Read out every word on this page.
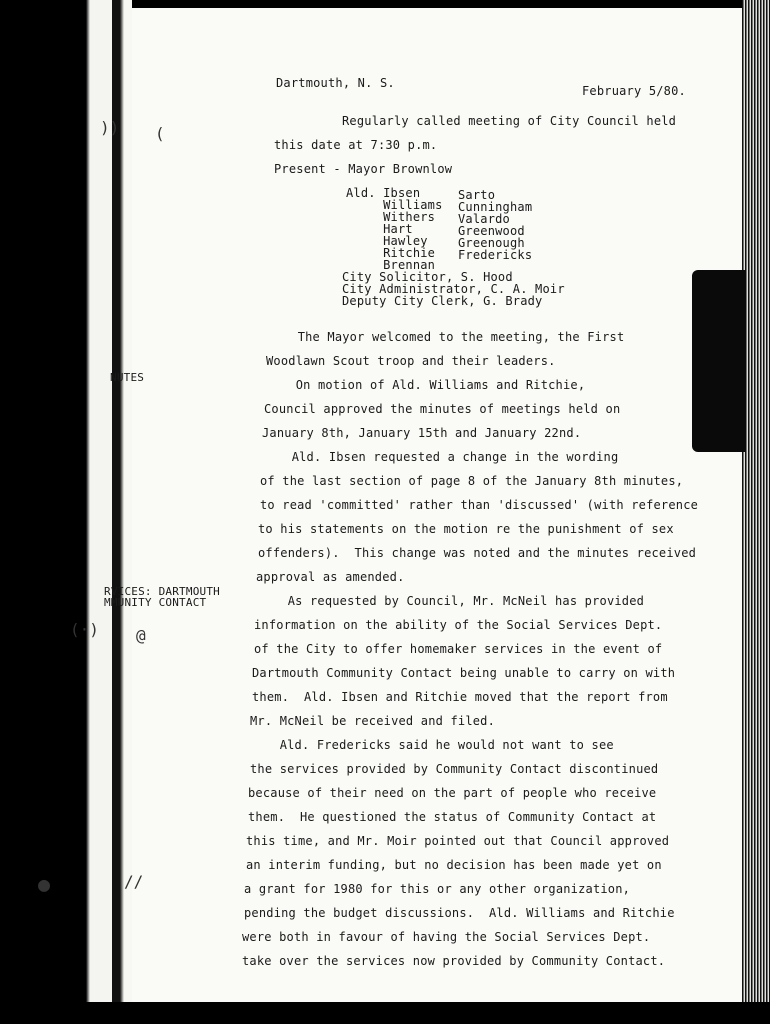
)) (
(·) @
●	//
Dartmouth, N. S.
February 5/80.
Regularly called meeting of City Council held
this date at 7:30 p.m.
Present - Mayor Brownlow
Ald. Ibsen
Williams
Withers
Hart
Hawley
Ritchie
Brennan
Sarto
Cunningham
Valardo
Greenwood
Greenough
Fredericks
City Solicitor, S. Hood
City Administrator, C. A. Moir
Deputy City Clerk, G. Brady
NUTES
RVICES: DARTMOUTH
MMUNITY CONTACT
The Mayor welcomed to the meeting, the First
Woodlawn Scout troop and their leaders.
On motion of Ald. Williams and Ritchie,
Council approved the minutes of meetings held on
January 8th, January 15th and January 22nd.
Ald. Ibsen requested a change in the wording
of the last section of page 8 of the January 8th minutes,
to read 'committed' rather than 'discussed' (with reference
to his statements on the motion re the punishment of sex
offenders).  This change was noted and the minutes received
approval as amended.
As requested by Council, Mr. McNeil has provided
information on the ability of the Social Services Dept.
of the City to offer homemaker services in the event of
Dartmouth Community Contact being unable to carry on with
them.  Ald. Ibsen and Ritchie moved that the report from
Mr. McNeil be received and filed.
Ald. Fredericks said he would not want to see
the services provided by Community Contact discontinued
because of their need on the part of people who receive
them.  He questioned the status of Community Contact at
this time, and Mr. Moir pointed out that Council approved
an interim funding, but no decision has been made yet on
a grant for 1980 for this or any other organization,
pending the budget discussions.  Ald. Williams and Ritchie
were both in favour of having the Social Services Dept.
take over the services now provided by Community Contact.
